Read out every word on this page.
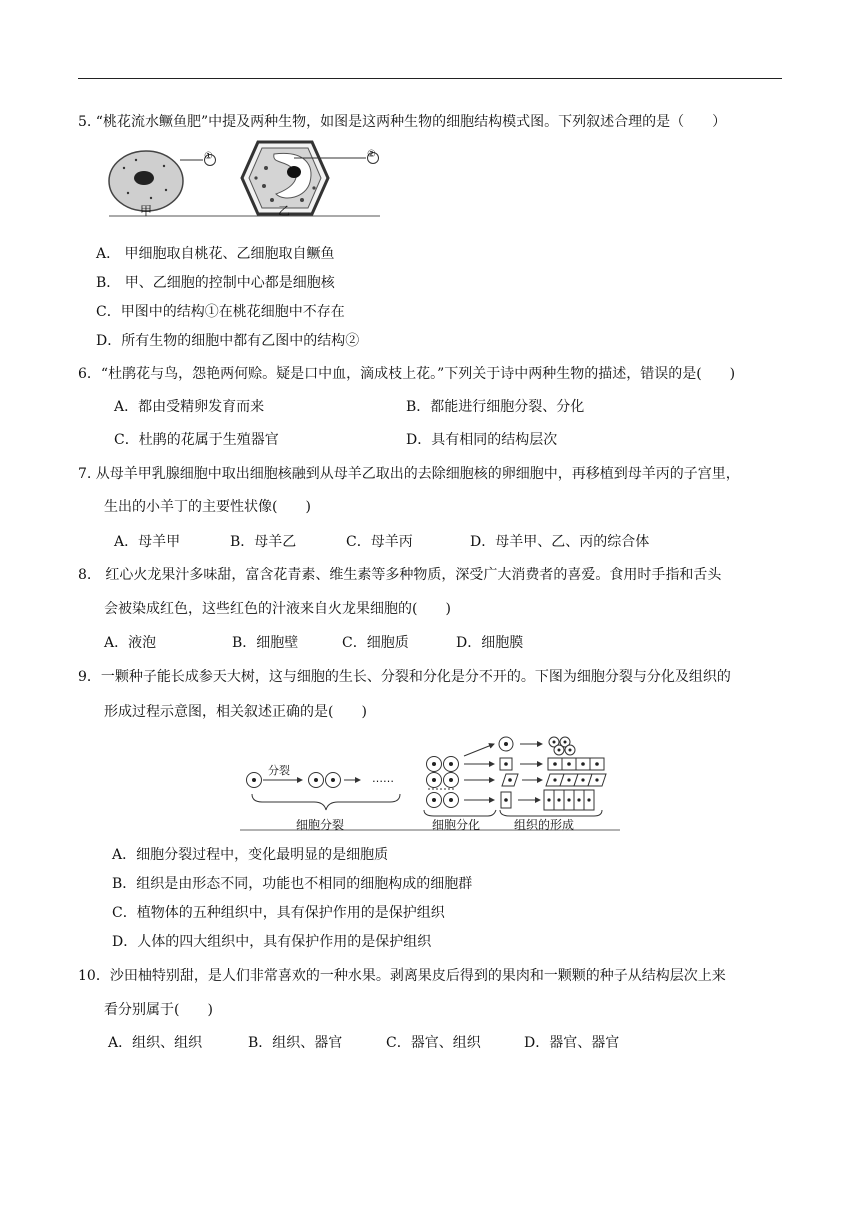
5. “桃花流水鳜鱼肥”中提及两种生物，如图是这两种生物的细胞结构模式图。下列叙述合理的是（　　）
甲	乙
①	②
A． 甲细胞取自桃花、乙细胞取自鳜鱼
B． 甲、乙细胞的控制中心都是细胞核
C．甲图中的结构①在桃花细胞中不存在
D．所有生物的细胞中都有乙图中的结构②
6．“杜鹃花与鸟，怨艳两何赊。疑是口中血，滴成枝上花。”下列关于诗中两种生物的描述，错误的是(　　)
A．都由受精卵发育而来	B．都能进行细胞分裂、分化
C．杜鹃的花属于生殖器官	D．具有相同的结构层次
7. 从母羊甲乳腺细胞中取出细胞核融到从母羊乙取出的去除细胞核的卵细胞中，再移植到母羊丙的子宫里，
生出的小羊丁的主要性状像(　　)
A．母羊甲	B．母羊乙	C．母羊丙	D．母羊甲、乙、丙的综合体
8.　红心火龙果汁多味甜，富含花青素、维生素等多种物质，深受广大消费者的喜爱。食用时手指和舌头
会被染成红色，这些红色的汁液来自火龙果细胞的(　　)
A．液泡	B．细胞壁	C．细胞质	D．细胞膜
9．一颗种子能长成参天大树，这与细胞的生长、分裂和分化是分不开的。下图为细胞分裂与分化及组织的
形成过程示意图，相关叙述正确的是(　　)
分裂
……
细胞分裂	细胞分化	组织的形成
A．细胞分裂过程中，变化最明显的是细胞质
B．组织是由形态不同，功能也不相同的细胞构成的细胞群
C．植物体的五种组织中，具有保护作用的是保护组织
D．人体的四大组织中，具有保护作用的是保护组织
10．沙田柚特别甜，是人们非常喜欢的一种水果。剥离果皮后得到的果肉和一颗颗的种子从结构层次上来
看分别属于(　　)
A．组织、组织	B．组织、器官	C．器官、组织	D．器官、器官
